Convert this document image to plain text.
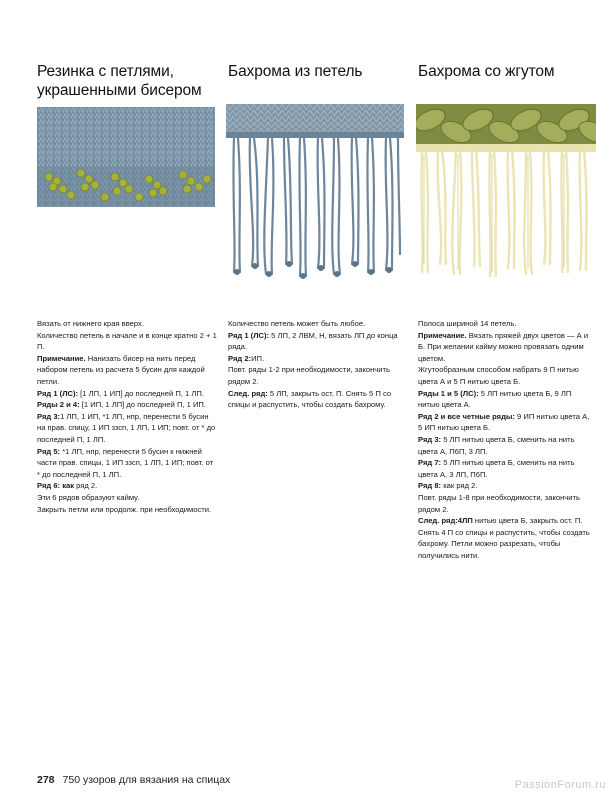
Резинка с петлями,
украшенными бисером

Вязать от нижнего края вверх.

Количество петель в начале и в конце кратно 2 + 1 П.

Примечание. Нанизать бисер на нить перед набором петель из расчета 5 бусин для каждой петли.

Ряд 1 (ЛС): [1 ЛП, 1 ИП] до последней П, 1 ЛП.

Ряды 2 и 4: [1 ИП, 1 ЛП] до последней П, 1 ИП.

Ряд 3:1 ЛП, 1 ИП, *1 ЛП, нпр, перенести 5 бусин на прав. спицу, 1 ИП ззсп, 1 ЛП, 1 ИП; повт. от * до последней П, 1 ЛП.

Ряд 5: *1 ЛП, нпр, перенести 5 бусин к нижней части прав. спицы, 1 ИП ззсп, 1 ЛП, 1 ИП; повт. от * до последней П, 1 ЛП.

Ряд 6: как ряд 2.

Эти 6 рядов образуют кайму.

Закрыть петли или продолж. при необходимости.

Бахрома из петель

Количество петель может быть любое.

Ряд 1 (ЛС): 5 ЛП, 2 ЛВМ, Н, вязать ЛП до конца ряда.

Ряд 2:ИП.

Повт. ряды 1-2 при необходимости, закончить рядом 2.

След. ряд: 5 ЛП, закрыть ост. П. Снять 5 П со спицы и распустить, чтобы создать бахрому.

Бахрома со жгутом

Полоса шириной 14 петель.

Примечание. Вязать пряжей двух цветов — А и Б. При желании кайму можно провязать одним цветом.

Жгутообразным способом набрать 9 П нитью цвета А и 5 П нитью цвета Б.

Ряды 1 и 5 (ЛС): 5 ЛП нитью цвета Б, 9 ЛП нитью цвета А.

Ряд 2 и все четные ряды: 9 ИП нитью цвета А, 5 ИП нитью цвета Б.

Ряд 3: 5 ЛП нитью цвета Б, сменить на нить цвета А, П6П, 3 ЛП.

Ряд 7: 5 ЛП нитью цвета Б, сменить на нить цвета А, 3 ЛП, П6П.

Ряд 8: как ряд 2.

Повт. ряды 1-8 при необходимости, закончить рядом 2.

След. ряд:4ЛП нитью цвета Б, закрыть ост. П. Снять 4 П со спицы и распустить, чтобы создать бахрому. Петли можно разрезать, чтобы получились нити.

278 750 узоров для вязания на спицах	PassionForum.ru
